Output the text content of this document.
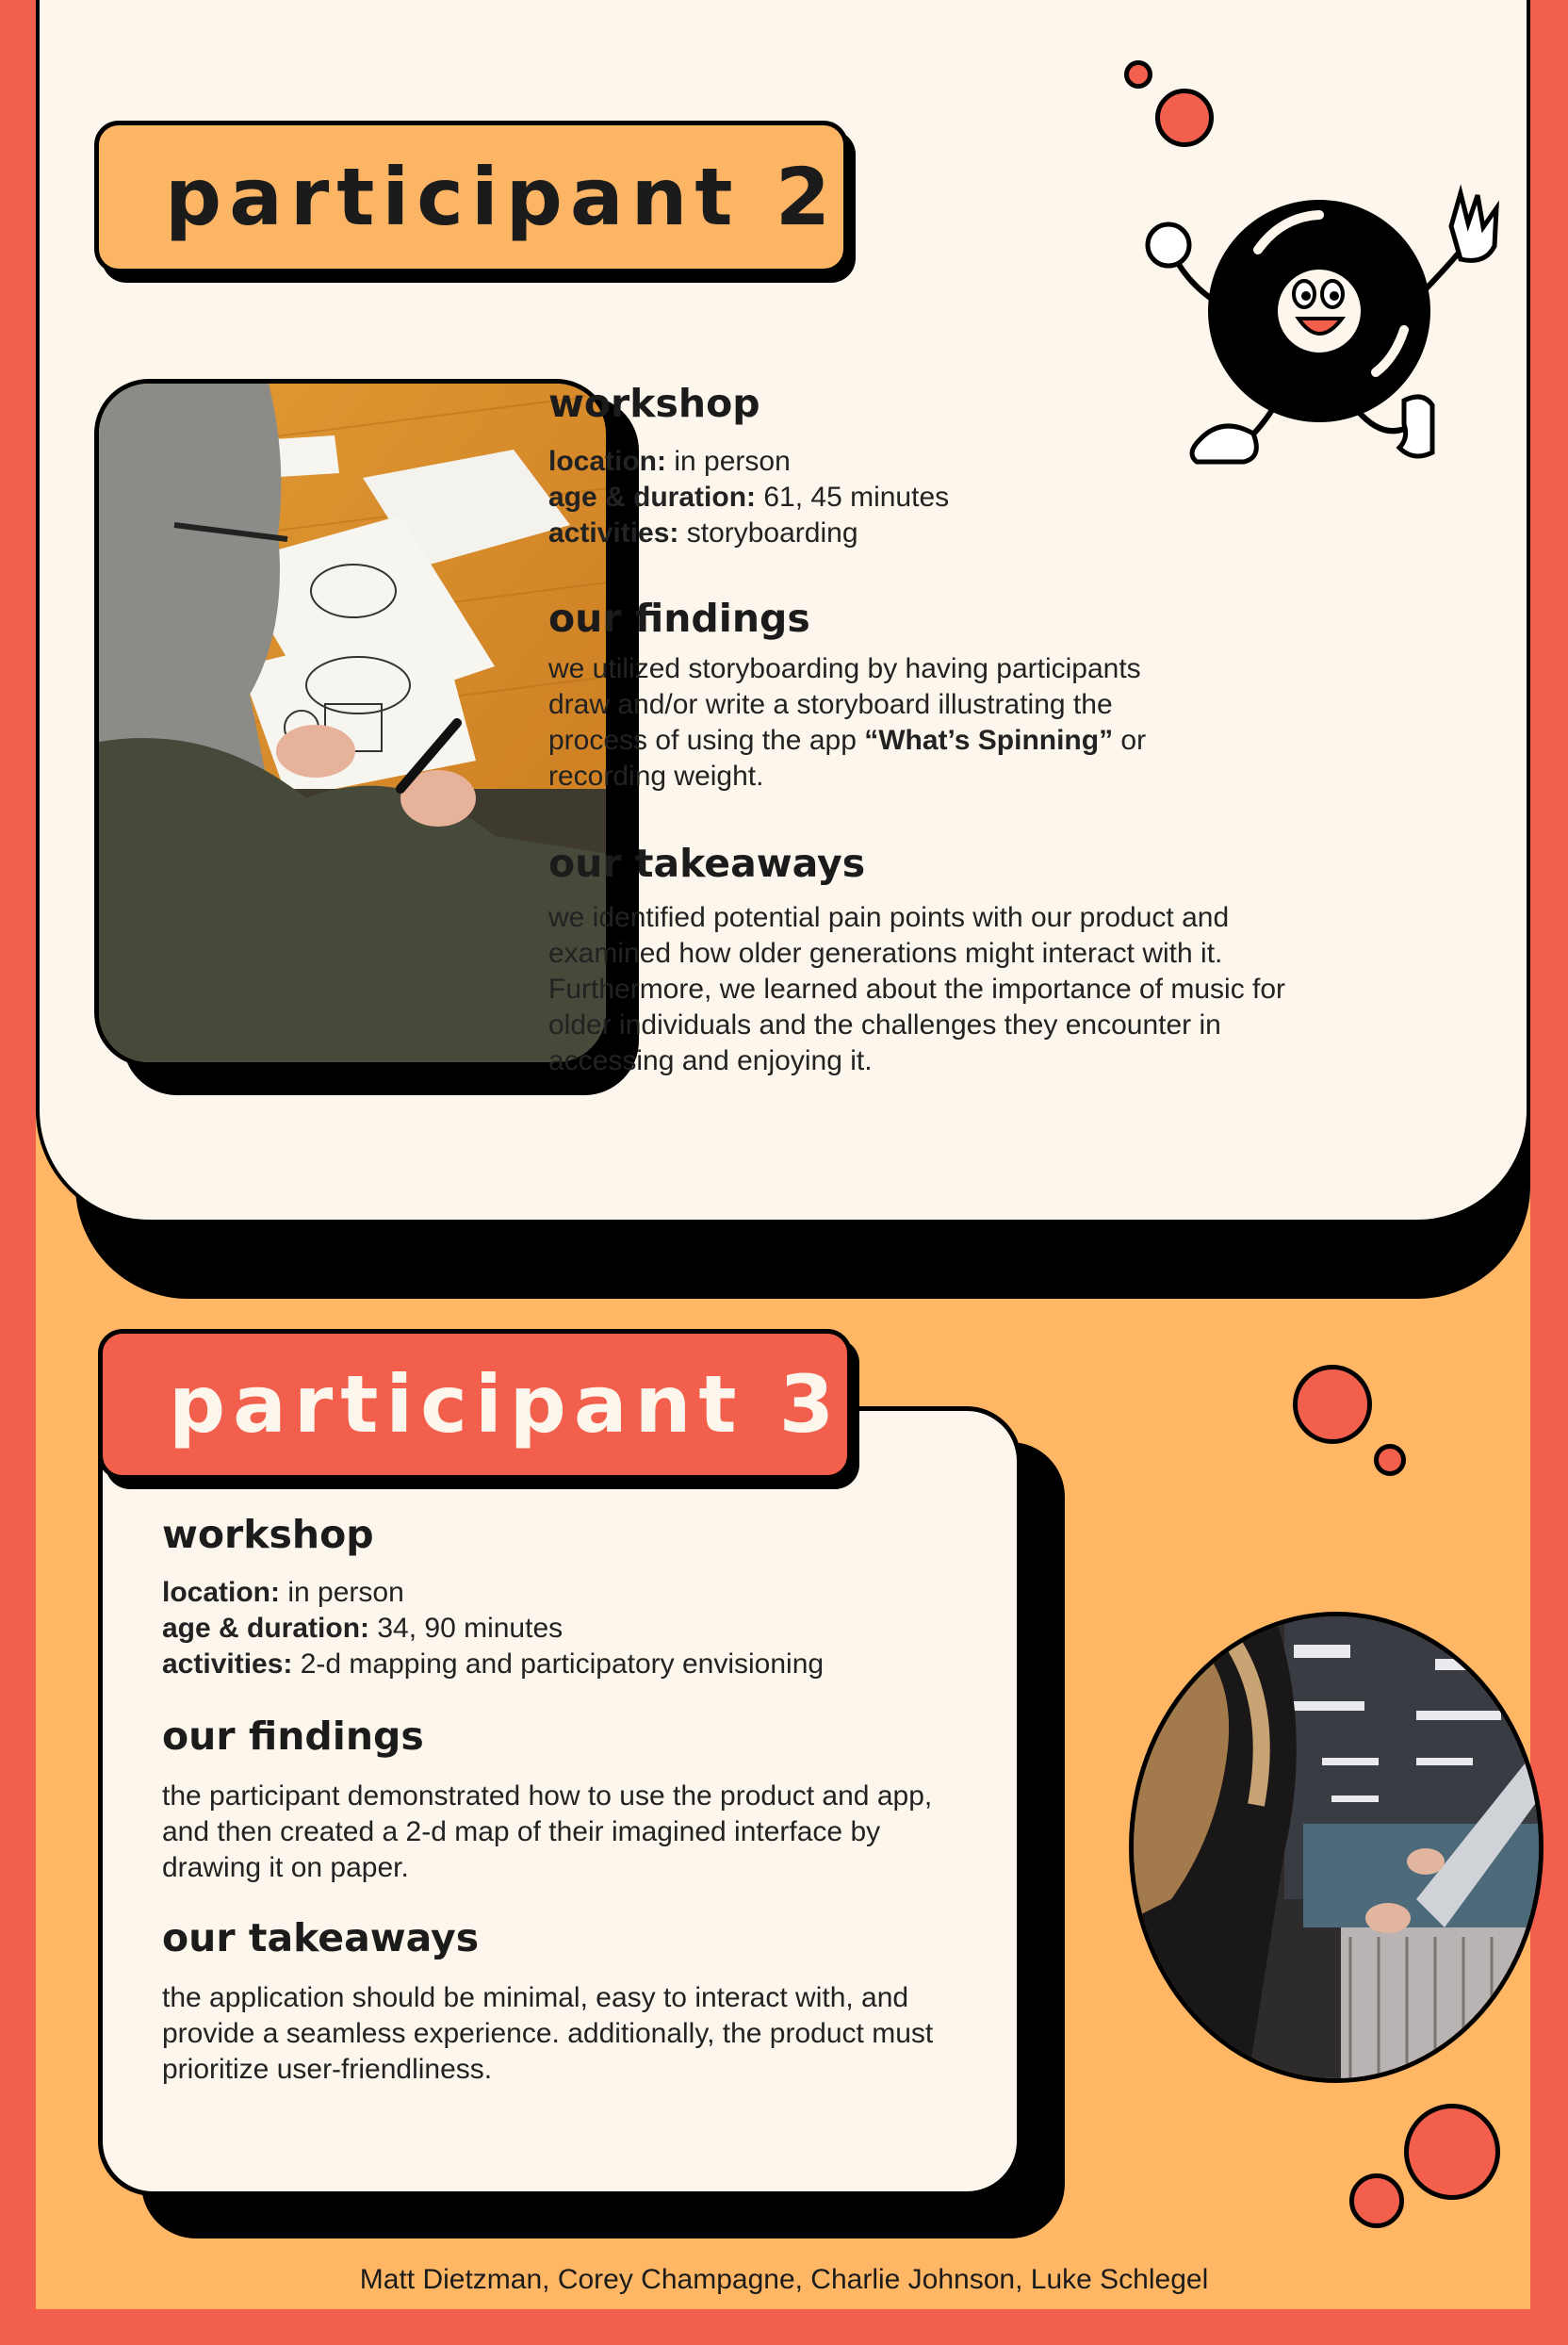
participant 2
workshop

location: in person

age & duration: 61, 45 minutes

activities: storyboarding

our findings

we utilized storyboarding by having participants draw and/or write a storyboard illustrating the process of using the app “What’s Spinning” or recording weight.

our takeaways

we identified potential pain points with our product and examined how older generations might interact with it. Furthermore, we learned about the importance of music for older individuals and the challenges they encounter in accessing and enjoying it.

participant 3
workshop

location: in person

age & duration: 34, 90 minutes

activities: 2-d mapping and participatory envisioning

our findings

the participant demonstrated how to use the product and app, and then created a 2-d map of their imagined interface by drawing it on paper.

our takeaways

the application should be minimal, easy to interact with, and provide a seamless experience. additionally, the product must prioritize user-friendliness.

Matt Dietzman, Corey Champagne, Charlie Johnson, Luke Schlegel
